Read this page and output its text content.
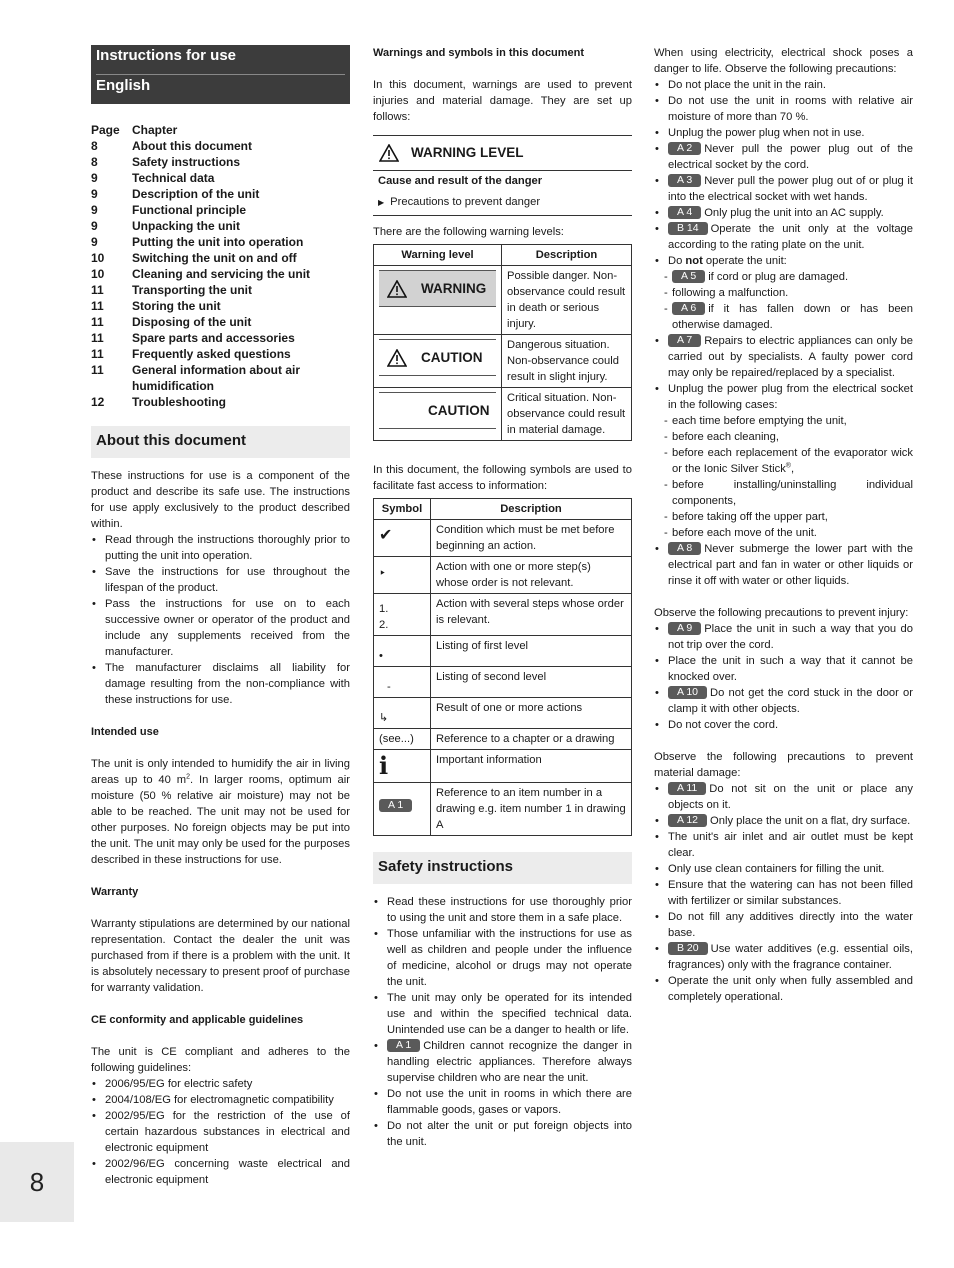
Instructions for use
English
Page	Chapter
8	About this document
8	Safety instructions
9	Technical data
9	Description of the unit
9	Functional principle
9	Unpacking the unit
9	Putting the unit into operation
10	Switching the unit on and off
10	Cleaning and servicing the unit
11	Transporting the unit
11	Storing the unit
11	Disposing of the unit
11	Spare parts and accessories
11	Frequently asked questions
11	General information about air humidification
12	Troubleshooting
About this document

These instructions for use is a component of the product and describe its safe use. The instructions for use apply exclusively to the product described within.

• Read through the instructions thoroughly prior to putting the unit into operation.
• Save the instructions for use throughout the lifespan of the product.
• Pass the instructions for use on to each successive owner or operator of the product and include any supplements received from the manufacturer.
• The manufacturer disclaims all liability for damage resulting from the non-compliance with these instructions for use.
Intended use

The unit is only intended to humidify the air in living areas up to 40 $m^2$. In larger rooms, optimum air moisture (50 % relative air moisture) may not be able to be reached. The unit may not be used for other purposes. No foreign objects may be put into the unit. The unit may only be used for the purposes described in these instructions for use.

Warranty

Warranty stipulations are determined by our national representation. Contact the dealer the unit was purchased from if there is a problem with the unit. It is absolutely necessary to present proof of purchase for warranty validation.

CE conformity and applicable guidelines

The unit is CE compliant and adheres to the following guidelines:

• 2006/95/EG for electric safety
• 2004/108/EG for electromagnetic compatibility
• 2002/95/EG for the restriction of the use of certain hazardous substances in electrical and electronic equipment
• 2002/96/EG concerning waste electrical and electronic equipment
Warnings and symbols in this document

In this document, warnings are used to prevent injuries and material damage. They are set up follows:

WARNING LEVEL
Cause and result of the danger
▶ Precautions to prevent danger

There are the following warning levels:

Warning level	Description

WARNING	Possible danger. Non-observance could result in death or serious injury.

CAUTION	Dangerous situation. Non-observance could result in slight injury.

CAUTION	Critical situation. Non-observance could result in material damage.

In this document, the following symbols are used to facilitate fast access to information:

Symbol	Description
✔	Condition which must be met before beginning an action.
‣	Action with one or more step(s) whose order is not relevant.
1.
2.	Action with several steps whose order is relevant.
•	Listing of first level
-	Listing of second level
↳	Result of one or more actions
(see...)	Reference to a chapter or a drawing
i	Important information
A 1	Reference to an item number in a drawing e.g. item number 1 in drawing A
Safety instructions
• Read these instructions for use thoroughly prior to using the unit and store them in a safe place.
• Those unfamiliar with the instructions for use as well as children and people under the influence of medicine, alcohol or drugs may not operate the unit.
• The unit may only be operated for its intended use and within the specified technical data. Unintended use can be a danger to health or life.
• A 1 Children cannot recognize the danger in handling electric appliances. Therefore always supervise children who are near the unit.
• Do not use the unit in rooms in which there are flammable goods, gases or vapors.
• Do not alter the unit or put foreign objects into the unit.

When using electricity, electrical shock poses a danger to life. Observe the following precautions:

• Do not place the unit in the rain.
• Do not use the unit in rooms with relative air moisture of more than 70 %.
• Unplug the power plug when not in use.
• A 2 Never pull the power plug out of the electrical socket by the cord.
• A 3 Never pull the power plug out of or plug it into the electrical socket with wet hands.
• A 4 Only plug the unit into an AC supply.
• B 14 Operate the unit only at the voltage according to the rating plate on the unit.
• Do not operate the unit:
- A 5 if cord or plug are damaged.
- following a malfunction.
- A 6 if it has fallen down or has been otherwise damaged.
• A 7 Repairs to electric appliances can only be carried out by specialists. A faulty power cord may only be repaired/replaced by a specialist.
• Unplug the power plug from the electrical socket in the following cases:
- each time before emptying the unit,
- before each cleaning,
- before each replacement of the evaporator wick or the Ionic Silver Stick®,
- before installing/uninstalling individual components,
- before taking off the upper part,
- before each move of the unit.
• A 8 Never submerge the lower part with the electrical part and fan in water or other liquids or rinse it off with water or other liquids.

Observe the following precautions to prevent injury:

• A 9 Place the unit in such a way that you do not trip over the cord.
• Place the unit in such a way that it cannot be knocked over.
• A 10 Do not get the cord stuck in the door or clamp it with other objects.
• Do not cover the cord.

Observe the following precautions to prevent material damage:

• A 11 Do not sit on the unit or place any objects on it.
• A 12 Only place the unit on a flat, dry surface.
• The unit's air inlet and air outlet must be kept clear.
• Only use clean containers for filling the unit.
• Ensure that the watering can has not been filled with fertilizer or similar substances.
• Do not fill any additives directly into the water base.
• B 20 Use water additives (e.g. essential oils, fragrances) only with the fragrance container.
• Operate the unit only when fully assembled and completely operational.
8
